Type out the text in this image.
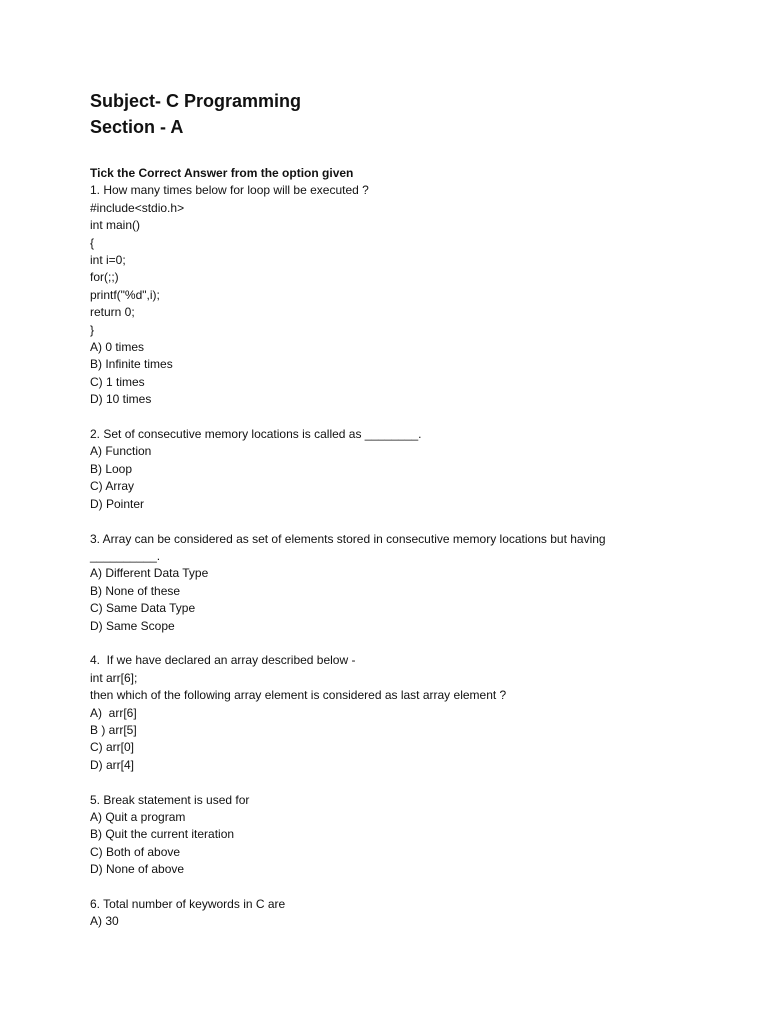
Subject- C Programming
Section - A
Tick the Correct Answer from the option given
1. How many times below for loop will be executed ?
#include<stdio.h>
int main()
{
int i=0;
for(;;)
printf("%d",i);
return 0;
}
A) 0 times
B) Infinite times
C) 1 times
D) 10 times
2. Set of consecutive memory locations is called as ________.
A) Function
B) Loop
C) Array
D) Pointer
3. Array can be considered as set of elements stored in consecutive memory locations but having
__________.
A) Different Data Type
B) None of these
C) Same Data Type
D) Same Scope
4.  If we have declared an array described below -
int arr[6];
then which of the following array element is considered as last array element ?
A)  arr[6]
B ) arr[5]
C) arr[0]
D) arr[4]
5. Break statement is used for
A) Quit a program
B) Quit the current iteration
C) Both of above
D) None of above
6. Total number of keywords in C are
A) 30
